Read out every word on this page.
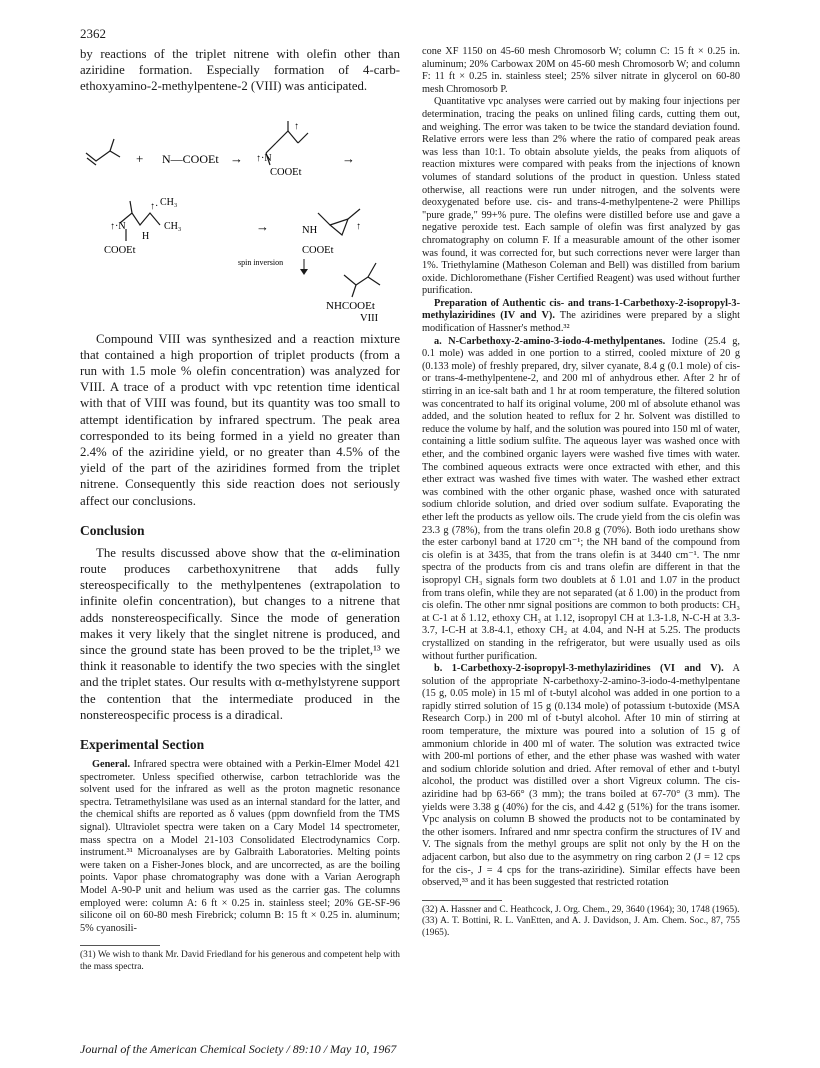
2362

by reactions of the triplet nitrene with olefin other than aziridine formation. Especially formation of 4-carb-ethoxyamino-2-methylpentene-2 (VIII) was anticipated.

+ N—COOEt → ↑·N
↑
COOEt
→
CH₃
CH₃
H
↑·N
↑·
COOEt
→	NH	↑
COOEt
spin inversion
NHCOOEt
VIII

Compound VIII was synthesized and a reaction mixture that contained a high proportion of triplet products (from a run with 1.5 mole % olefin concentration) was analyzed for VIII. A trace of a product with vpc retention time identical with that of VIII was found, but its quantity was too small to attempt identification by infrared spectrum. The peak area corresponded to its being formed in a yield no greater than 2.4% of the aziridine yield, or no greater than 4.5% of the yield of the part of the aziridines formed from the triplet nitrene. Consequently this side reaction does not seriously affect our conclusions.

Conclusion

The results discussed above show that the α-elimination route produces carbethoxynitrene that adds fully stereospecifically to the methylpentenes (extrapolation to infinite olefin concentration), but changes to a nitrene that adds nonstereospecifically. Since the mode of generation makes it very likely that the singlet nitrene is produced, and since the ground state has been proved to be the triplet,¹³ we think it reasonable to identify the two species with the singlet and the triplet states. Our results with α-methylstyrene support the contention that the intermediate produced in the nonstereospecific process is a diradical.

Experimental Section

General. Infrared spectra were obtained with a Perkin-Elmer Model 421 spectrometer. Unless specified otherwise, carbon tetrachloride was the solvent used for the infrared as well as the proton magnetic resonance spectra. Tetramethylsilane was used as an internal standard for the latter, and the chemical shifts are reported as δ values (ppm downfield from the TMS signal). Ultraviolet spectra were taken on a Cary Model 14 spectrometer, mass spectra on a Model 21-103 Consolidated Electrodynamics Corp. instrument.³¹ Microanalyses are by Galbraith Laboratories. Melting points were taken on a Fisher-Jones block, and are uncorrected, as are the boiling points. Vapor phase chromatography was done with a Varian Aerograph Model A-90-P unit and helium was used as the carrier gas. The columns employed were: column A: 6 ft × 0.25 in. stainless steel; 20% GE-SF-96 silicone oil on 60-80 mesh Firebrick; column B: 15 ft × 0.25 in. aluminum; 5% cyanosili-

(31) We wish to thank Mr. David Friedland for his generous and competent help with the mass spectra.

cone XF 1150 on 45-60 mesh Chromosorb W; column C: 15 ft × 0.25 in. aluminum; 20% Carbowax 20M on 45-60 mesh Chromosorb W; and column F: 11 ft × 0.25 in. stainless steel; 25% silver nitrate in glycerol on 60-80 mesh Chromosorb P.

Quantitative vpc analyses were carried out by making four injections per determination, tracing the peaks on unlined filing cards, cutting them out, and weighing. The error was taken to be twice the standard deviation found. Relative errors were less than 2% where the ratio of compared peak areas was less than 10:1. To obtain absolute yields, the peaks from aliquots of reaction mixtures were compared with peaks from the injections of known volumes of standard solutions of the product in question. Unless stated otherwise, all reactions were run under nitrogen, and the solvents were deoxygenated before use. cis- and trans-4-methylpentene-2 were Phillips "pure grade," 99+% pure. The olefins were distilled before use and gave a negative peroxide test. Each sample of olefin was first analyzed by gas chromatography on column F. If a measurable amount of the other isomer was found, it was corrected for, but such corrections never were larger than 1%. Triethylamine (Matheson Coleman and Bell) was distilled from barium oxide. Dichloromethane (Fisher Certified Reagent) was used without further purification.

Preparation of Authentic cis- and trans-1-Carbethoxy-2-isopropyl-3-methylaziridines (IV and V). The aziridines were prepared by a slight modification of Hassner's method.³²

a. N-Carbethoxy-2-amino-3-iodo-4-methylpentanes. Iodine (25.4 g, 0.1 mole) was added in one portion to a stirred, cooled mixture of 20 g (0.133 mole) of freshly prepared, dry, silver cyanate, 8.4 g (0.1 mole) of cis- or trans-4-methylpentene-2, and 200 ml of anhydrous ether. After 2 hr of stirring in an ice-salt bath and 1 hr at room temperature, the filtered solution was concentrated to half its original volume, 200 ml of absolute ethanol was added, and the solution heated to reflux for 2 hr. Solvent was distilled to reduce the volume by half, and the solution was poured into 150 ml of water, containing a little sodium sulfite. The aqueous layer was washed once with ether, and the combined organic layers were washed five times with water. The combined aqueous extracts were once extracted with ether, and this ether extract was washed five times with water. The washed ether extract was combined with the other organic phase, washed once with saturated sodium chloride solution, and dried over sodium sulfate. Evaporating the ether left the products as yellow oils. The crude yield from the cis olefin was 23.3 g (78%), from the trans olefin 20.8 g (70%). Both iodo urethans show the ester carbonyl band at 1720 cm⁻¹; the NH band of the compound from cis olefin is at 3435, that from the trans olefin is at 3440 cm⁻¹. The nmr spectra of the products from cis and trans olefin are different in that the isopropyl CH₃ signals form two doublets at δ 1.01 and 1.07 in the product from trans olefin, while they are not separated (at δ 1.00) in the product from cis olefin. The other nmr signal positions are common to both products: CH₃ at C-1 at δ 1.12, ethoxy CH₃ at 1.12, isopropyl CH at 1.3-1.8, N-C-H at 3.3-3.7, I-C-H at 3.8-4.1, ethoxy CH₂ at 4.04, and N-H at 5.25. The products crystallized on standing in the refrigerator, but were usually used as oils without further purification.

b. 1-Carbethoxy-2-isopropyl-3-methylaziridines (VI and V). A solution of the appropriate N-carbethoxy-2-amino-3-iodo-4-methylpentane (15 g, 0.05 mole) in 15 ml of t-butyl alcohol was added in one portion to a rapidly stirred solution of 15 g (0.134 mole) of potassium t-butoxide (MSA Research Corp.) in 200 ml of t-butyl alcohol. After 10 min of stirring at room temperature, the mixture was poured into a solution of 15 g of ammonium chloride in 400 ml of water. The solution was extracted twice with 200-ml portions of ether, and the ether phase was washed with water and sodium chloride solution and dried. After removal of ether and t-butyl alcohol, the product was distilled over a short Vigreux column. The cis-aziridine had bp 63-66° (3 mm); the trans boiled at 67-70° (3 mm). The yields were 3.38 g (40%) for the cis, and 4.42 g (51%) for the trans isomer. Vpc analysis on column B showed the products not to be contaminated by the other isomers. Infrared and nmr spectra confirm the structures of IV and V. The signals from the methyl groups are split not only by the H on the adjacent carbon, but also due to the asymmetry on ring carbon 2 (J = 12 cps for the cis-, J = 4 cps for the trans-aziridine). Similar effects have been observed,³³ and it has been suggested that restricted rotation

(32) A. Hassner and C. Heathcock, J. Org. Chem., 29, 3640 (1964); 30, 1748 (1965).

(33) A. T. Bottini, R. L. VanEtten, and A. J. Davidson, J. Am. Chem. Soc., 87, 755 (1965).

Journal of the American Chemical Society / 89:10 / May 10, 1967
